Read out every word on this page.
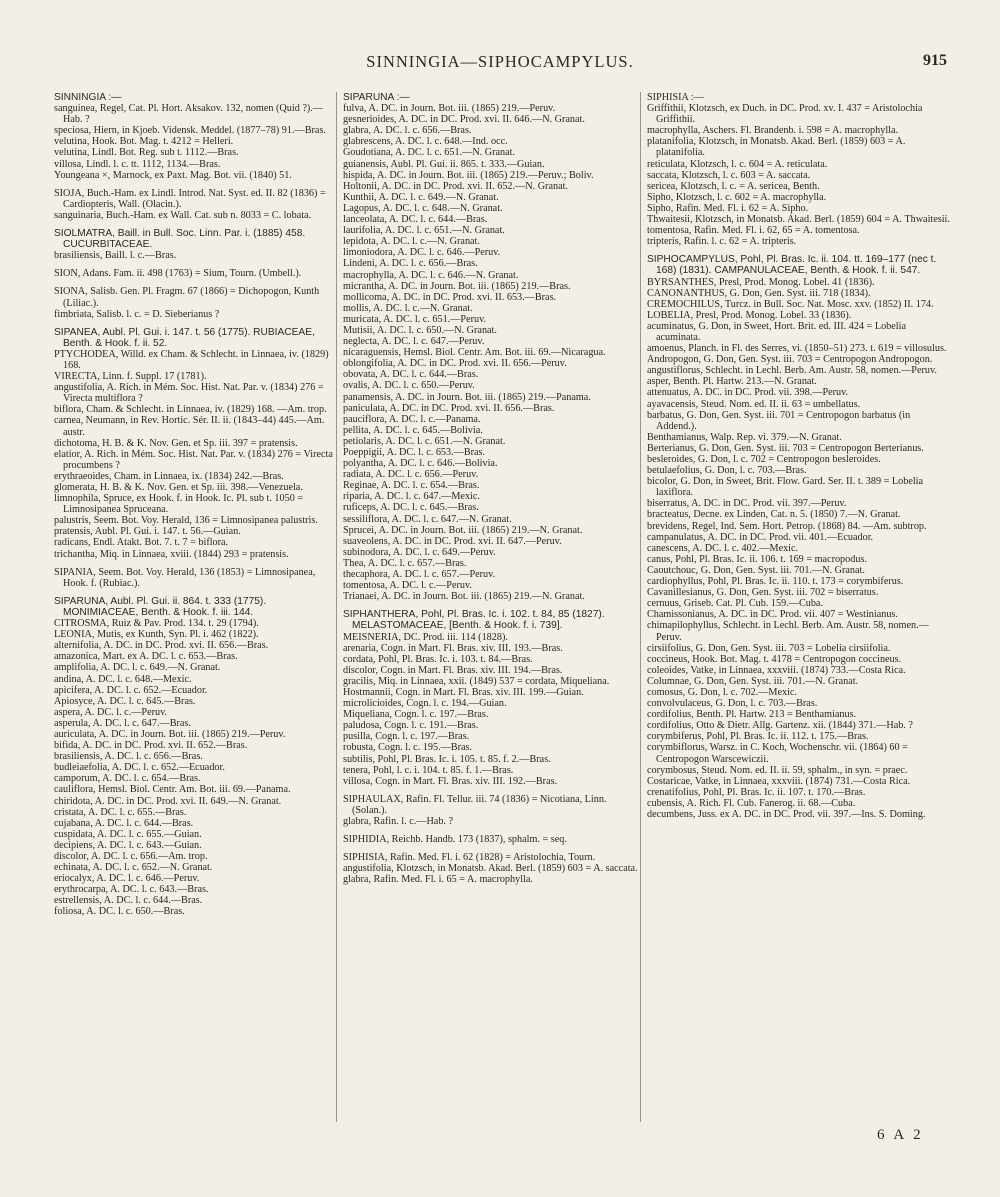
SINNINGIA—SIPHOCAMPYLUS.	915

SINNINGIA :—

sanguinea, Regel, Cat. Pl. Hort. Aksakov. 132, nomen (Quid ?).—Hab. ?

speciosa, Hiern, in Kjoeb. Vidensk. Meddel. (1877–78) 91.—Bras.

velutina, Hook. Bot. Mag. t. 4212 = Helleri.

velutina, Lindl. Bot. Reg. sub t. 1112.—Bras.

villosa, Lindl. l. c. tt. 1112, 1134.—Bras.

Youngeana ×, Marnock, ex Paxt. Mag. Bot. vii. (1840) 51.

SIOJA, Buch.-Ham. ex Lindl. Introd. Nat. Syst. ed. II. 82 (1836) = Cardiopteris, Wall. (Olacin.).

sanguinaria, Buch.-Ham. ex Wall. Cat. sub n. 8033 = C. lobata.

SIOLMATRA, Baill. in Bull. Soc. Linn. Par. i. (1885) 458. CUCURBITACEAE.

brasiliensis, Baill. l. c.—Bras.

SION, Adans. Fam. ii. 498 (1763) = Sium, Tourn. (Umbell.).

SIONA, Salisb. Gen. Pl. Fragm. 67 (1866) = Dichopogon, Kunth (Liliac.).

fimbriata, Salisb. l. c. = D. Sieberianus ?

SIPANEA, Aubl. Pl. Gui. i. 147. t. 56 (1775). RUBIACEAE, Benth. & Hook. f. ii. 52.

PTYCHODEA, Willd. ex Cham. & Schlecht. in Linnaea, iv. (1829) 168.

VIRECTA, Linn. f. Suppl. 17 (1781).

angustifolia, A. Rich. in Mém. Soc. Hist. Nat. Par. v. (1834) 276 = Virecta multiflora ?

biflora, Cham. & Schlecht. in Linnaea, iv. (1829) 168. —Am. trop.

carnea, Neumann, in Rev. Hortic. Sér. II. ii. (1843–44) 445.—Am. austr.

dichotoma, H. B. & K. Nov. Gen. et Sp. iii. 397 = pratensis.

elatior, A. Rich. in Mém. Soc. Hist. Nat. Par. v. (1834) 276 = Virecta procumbens ?

erythraeoides, Cham. in Linnaea, ix. (1834) 242.—Bras.

glomerata, H. B. & K. Nov. Gen. et Sp. iii. 398.—Venezuela.

limnophila, Spruce, ex Hook. f. in Hook. Ic. Pl. sub t. 1050 = Limnosipanea Spruceana.

palustris, Seem. Bot. Voy. Herald, 136 = Limnosipanea palustris.

pratensis, Aubl. Pl. Gui. i. 147. t. 56.—Guian.

radicans, Endl. Atakt. Bot. 7. t. 7 = biflora.

trichantha, Miq. in Linnaea, xviii. (1844) 293 = pratensis.

SIPANIA, Seem. Bot. Voy. Herald, 136 (1853) = Limnosipanea, Hook. f. (Rubiac.).

SIPARUNA, Aubl. Pl. Gui. ii. 864. t. 333 (1775). MONIMIACEAE, Benth. & Hook. f. iii. 144.

CITROSMA, Ruiz & Pav. Prod. 134. t. 29 (1794).

LEONIA, Mutis, ex Kunth, Syn. Pl. i. 462 (1822).

alternifolia, A. DC. in DC. Prod. xvi. II. 656.—Bras.

amazonica, Mart. ex A. DC. l. c. 653.—Bras.

amplifolia, A. DC. l. c. 649.—N. Granat.

andina, A. DC. l. c. 648.—Mexic.

apicifera, A. DC. l. c. 652.—Ecuador.

Apiosyce, A. DC. l. c. 645.—Bras.

aspera, A. DC. l. c.—Peruv.

asperula, A. DC. l. c. 647.—Bras.

auriculata, A. DC. in Journ. Bot. iii. (1865) 219.—Peruv.

bifida, A. DC. in DC. Prod. xvi. II. 652.—Bras.

brasiliensis, A. DC. l. c. 656.—Bras.

budleiaefolia, A. DC. l. c. 652.—Ecuador.

camporum, A. DC. l. c. 654.—Bras.

cauliflora, Hemsl. Biol. Centr. Am. Bot. iii. 69.—Panama.

chiridota, A. DC. in DC. Prod. xvi. II. 649.—N. Granat.

cristata, A. DC. l. c. 655.—Bras.

cujabana, A. DC. l. c. 644.—Bras.

cuspidata, A. DC. l. c. 655.—Guian.

decipiens, A. DC. l. c. 643.—Guian.

discolor, A. DC. l. c. 656.—Am. trop.

echinata, A. DC. l. c. 652.—N. Granat.

eriocalyx, A. DC. l. c. 646.—Peruv.

erythrocarpa, A. DC. l. c. 643.—Bras.

estrellensis, A. DC. l. c. 644.—Bras.

foliosa, A. DC. l. c. 650.—Bras.

SIPARUNA :—

fulva, A. DC. in Journ. Bot. iii. (1865) 219.—Peruv.

gesnerioides, A. DC. in DC. Prod. xvi. II. 646.—N. Granat.

glabra, A. DC. l. c. 656.—Bras.

glabrescens, A. DC. l. c. 648.—Ind. occ.

Goudotiana, A. DC. l. c. 651.—N. Granat.

guianensis, Aubl. Pl. Gui. ii. 865. t. 333.—Guian.

hispida, A. DC. in Journ. Bot. iii. (1865) 219.—Peruv.; Boliv.

Holtonii, A. DC. in DC. Prod. xvi. II. 652.—N. Granat.

Kunthii, A. DC. l. c. 649.—N. Granat.

Lagopus, A. DC. l. c. 648.—N. Granat.

lanceolata, A. DC. l. c. 644.—Bras.

laurifolia, A. DC. l. c. 651.—N. Granat.

lepidota, A. DC. l. c.—N. Granat.

limoniodora, A. DC. l. c. 646.—Peruv.

Lindeni, A. DC. l. c. 656.—Bras.

macrophylla, A. DC. l. c. 646.—N. Granat.

micrantha, A. DC. in Journ. Bot. iii. (1865) 219.—Bras.

mollicoma, A. DC. in DC. Prod. xvi. II. 653.—Bras.

mollis, A. DC. l. c.—N. Granat.

muricata, A. DC. l. c. 651.—Peruv.

Mutisii, A. DC. l. c. 650.—N. Granat.

neglecta, A. DC. l. c. 647.—Peruv.

nicaraguensis, Hemsl. Biol. Centr. Am. Bot. iii. 69.—Nicaragua.

oblongifolia, A. DC. in DC. Prod. xvi. II. 656.—Peruv.

obovata, A. DC. l. c. 644.—Bras.

ovalis, A. DC. l. c. 650.—Peruv.

panamensis, A. DC. in Journ. Bot. iii. (1865) 219.—Panama.

paniculata, A. DC. in DC. Prod. xvi. II. 656.—Bras.

pauciflora, A. DC. l. c.—Panama.

pellita, A. DC. l. c. 645.—Bolivia.

petiolaris, A. DC. l. c. 651.—N. Granat.

Poeppigii, A. DC. l. c. 653.—Bras.

polyantha, A. DC. l. c. 646.—Bolivia.

radiata, A. DC. l. c. 656.—Peruv.

Reginae, A. DC. l. c. 654.—Bras.

riparia, A. DC. l. c. 647.—Mexic.

ruficeps, A. DC. l. c. 645.—Bras.

sessiliflora, A. DC. l. c. 647.—N. Granat.

Sprucei, A. DC. in Journ. Bot. iii. (1865) 219.—N. Granat.

suaveolens, A. DC. in DC. Prod. xvi. II. 647.—Peruv.

subinodora, A. DC. l. c. 649.—Peruv.

Thea, A. DC. l. c. 657.—Bras.

thecaphora, A. DC. l. c. 657.—Peruv.

tomentosa, A. DC. l. c.—Peruv.

Trianaei, A. DC. in Journ. Bot. iii. (1865) 219.—N. Granat.

SIPHANTHERA, Pohl, Pl. Bras. Ic. i. 102. t. 84, 85 (1827). MELASTOMACEAE, [Benth. & Hook. f. i. 739].

MEISNERIA, DC. Prod. iii. 114 (1828).

arenaria, Cogn. in Mart. Fl. Bras. xiv. III. 193.—Bras.

cordata, Pohl, Pl. Bras. Ic. i. 103. t. 84.—Bras.

discolor, Cogn. in Mart. Fl. Bras. xiv. III. 194.—Bras.

gracilis, Miq. in Linnaea, xxii. (1849) 537 = cordata, Miqueliana.

Hostmannii, Cogn. in Mart. Fl. Bras. xiv. III. 199.—Guian.

microlicioides, Cogn. l. c. 194.—Guian.

Miqueliana, Cogn. l. c. 197.—Bras.

paludosa, Cogn. l. c. 191.—Bras.

pusilla, Cogn. l. c. 197.—Bras.

robusta, Cogn. l. c. 195.—Bras.

subtilis, Pohl, Pl. Bras. Ic. i. 105. t. 85. f. 2.—Bras.

tenera, Pohl, l. c. i. 104. t. 85. f. 1.—Bras.

villosa, Cogn. in Mart. Fl. Bras. xiv. III. 192.—Bras.

SIPHAULAX, Rafin. Fl. Tellur. iii. 74 (1836) = Nicotiana, Linn. (Solan.).

glabra, Rafin. l. c.—Hab. ?

SIPHIDIA, Reichb. Handb. 173 (1837), sphalm. = seq.

SIPHISIA, Rafin. Med. Fl. i. 62 (1828) = Aristolochia, Tourn.

angustifolia, Klotzsch, in Monatsb. Akad. Berl. (1859) 603 = A. saccata.

glabra, Rafin. Med. Fl. i. 65 = A. macrophylla.

SIPHISIA :—

Griffithii, Klotzsch, ex Duch. in DC. Prod. xv. I. 437 = Aristolochia Griffithii.

macrophylla, Aschers. Fl. Brandenb. i. 598 = A. macrophylla.

platanifolia, Klotzsch, in Monatsb. Akad. Berl. (1859) 603 = A. platanifolia.

reticulata, Klotzsch, l. c. 604 = A. reticulata.

saccata, Klotzsch, l. c. 603 = A. saccata.

sericea, Klotzsch, l. c. = A. sericea, Benth.

Sipho, Klotzsch, l. c. 602 = A. macrophylla.

Sipho, Rafin. Med. Fl. i. 62 = A. Sipho.

Thwaitesii, Klotzsch, in Monatsb. Akad. Berl. (1859) 604 = A. Thwaitesii.

tomentosa, Rafin. Med. Fl. i. 62, 65 = A. tomentosa.

tripteris, Rafin. l. c. 62 = A. tripteris.

SIPHOCAMPYLUS, Pohl, Pl. Bras. Ic. ii. 104. tt. 169–177 (nec t. 168) (1831). CAMPANULACEAE, Benth. & Hook. f. ii. 547.

BYRSANTHES, Presl, Prod. Monog. Lobel. 41 (1836).

CANONANTHUS, G. Don, Gen. Syst. iii. 718 (1834).

CREMOCHILUS, Turcz. in Bull. Soc. Nat. Mosc. xxv. (1852) II. 174.

LOBELIA, Presl, Prod. Monog. Lobel. 33 (1836).

acuminatus, G. Don, in Sweet, Hort. Brit. ed. III. 424 = Lobelia acuminata.

amoenus, Planch. in Fl. des Serres, vi. (1850–51) 273. t. 619 = villosulus.

Andropogon, G. Don, Gen. Syst. iii. 703 = Centropogon Andropogon.

angustiflorus, Schlecht. in Lechl. Berb. Am. Austr. 58, nomen.—Peruv.

asper, Benth. Pl. Hartw. 213.—N. Granat.

attenuatus, A. DC. in DC. Prod. vii. 398.—Peruv.

ayavacensis, Steud. Nom. ed. II. ii. 63 = umbellatus.

barbatus, G. Don, Gen. Syst. iii. 701 = Centropogon barbatus (in Addend.).

Benthamianus, Walp. Rep. vi. 379.—N. Granat.

Berterianus, G. Don, Gen. Syst. iii. 703 = Centropogon Berterianus.

besleroides, G. Don, l. c. 702 = Centropogon besleroides.

betulaefolius, G. Don, l. c. 703.—Bras.

bicolor, G. Don, in Sweet, Brit. Flow. Gard. Ser. II. t. 389 = Lobelia laxiflora.

biserratus, A. DC. in DC. Prod. vii. 397.—Peruv.

bracteatus, Decne. ex Linden, Cat. n. 5. (1850) 7.—N. Granat.

brevidens, Regel, Ind. Sem. Hort. Petrop. (1868) 84. —Am. subtrop.

campanulatus, A. DC. in DC. Prod. vii. 401.—Ecuador.

canescens, A. DC. l. c. 402.—Mexic.

canus, Pohl, Pl. Bras. Ic. ii. 106. t. 169 = macropodus.

Caoutchouc, G. Don, Gen. Syst. iii. 701.—N. Granat.

cardiophyllus, Pohl, Pl. Bras. Ic. ii. 110. t. 173 = corymbiferus.

Cavanillesianus, G. Don, Gen. Syst. iii. 702 = biserratus.

cernuus, Griseb. Cat. Pl. Cub. 159.—Cuba.

Chamissonianus, A. DC. in DC. Prod. vii. 407 = Westinianus.

chimapilophyllus, Schlecht. in Lechl. Berb. Am. Austr. 58, nomen.—Peruv.

cirsiifolius, G. Don, Gen. Syst. iii. 703 = Lobelia cirsiifolia.

coccineus, Hook. Bot. Mag. t. 4178 = Centropogon coccineus.

coleoides, Vatke, in Linnaea, xxxviii. (1874) 733.—Costa Rica.

Columnae, G. Don, Gen. Syst. iii. 701.—N. Granat.

comosus, G. Don, l. c. 702.—Mexic.

convolvulaceus, G. Don, l. c. 703.—Bras.

cordifolius, Benth. Pl. Hartw. 213 = Benthamianus.

cordifolius, Otto & Dietr. Allg. Gartenz. xii. (1844) 371.—Hab. ?

corymbiferus, Pohl, Pl. Bras. Ic. ii. 112. t. 175.—Bras.

corymbiflorus, Warsz. in C. Koch, Wochenschr. vii. (1864) 60 = Centropogon Warscewiczii.

corymbosus, Steud. Nom. ed. II. ii. 59, sphalm., in syn. = praec.

Costaricae, Vatke, in Linnaea, xxxviii. (1874) 731.—Costa Rica.

crenatifolius, Pohl, Pl. Bras. Ic. ii. 107. t. 170.—Bras.

cubensis, A. Rich. Fl. Cub. Fanerog. ii. 68.—Cuba.

decumbens, Juss. ex A. DC. in DC. Prod. vii. 397.—Ins. S. Doming.

6 A 2
